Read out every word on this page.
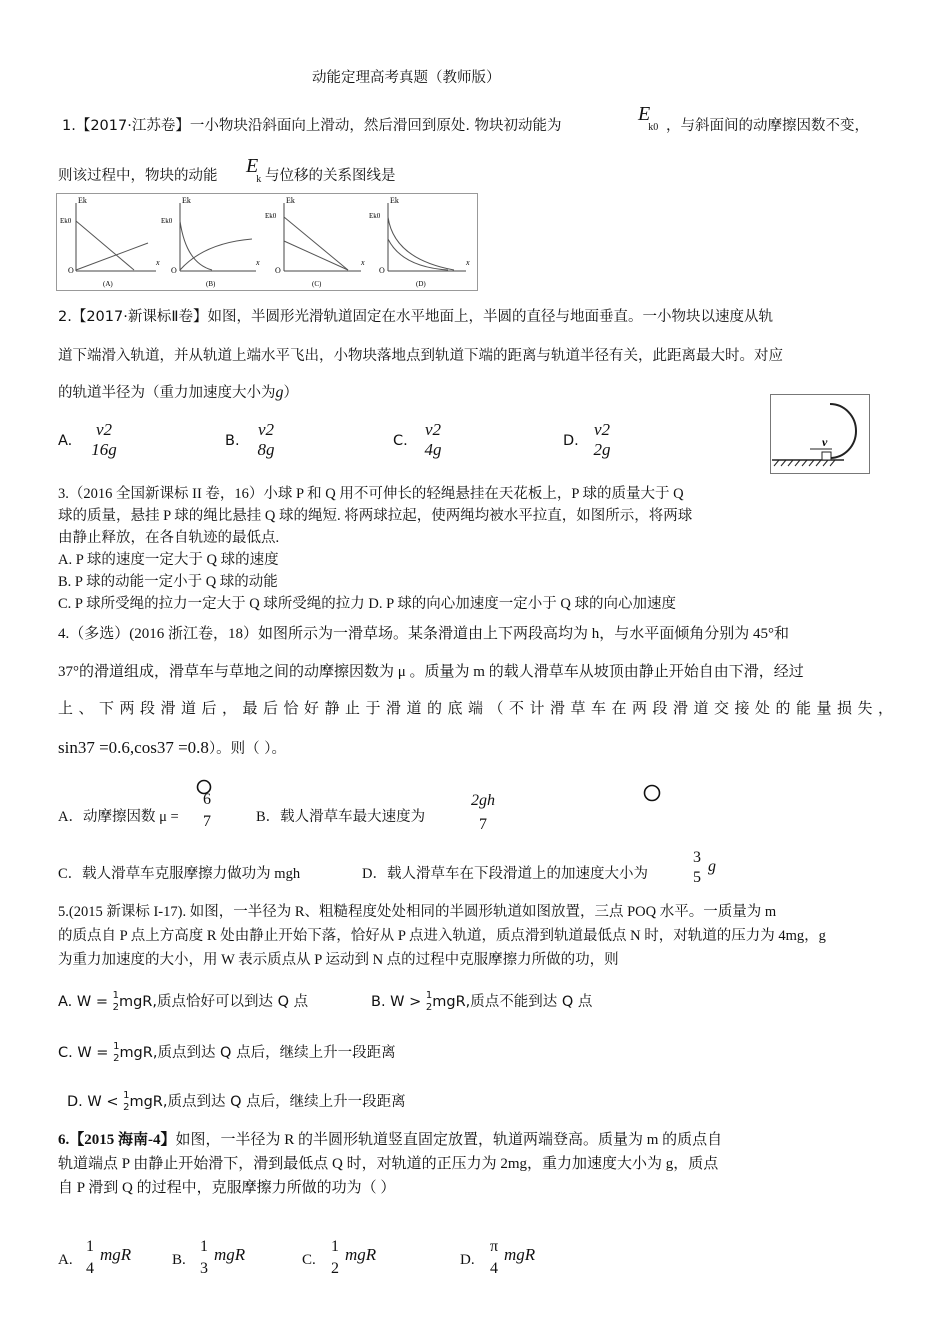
动能定理高考真题（教师版）
1.【2017·江苏卷】一小物块沿斜面向上滑动，然后滑回到原处. 物块初动能为
$E_{k0}$ ，与斜面间的动摩擦因数不变，
则该过程中，物块的动能 $E_k$ 与位移的关系图线是
Ek
Ek0
O
x
(A)
Ek
Ek0
O
x
(B)
Ek
Ek0
O
x
(C)
Ek
Ek0
O
x
(D)
2.【2017·新课标Ⅱ卷】如图，半圆形光滑轨道固定在水平地面上，半圆的直径与地面垂直。一小物块以速度从轨
道下端滑入轨道，并从轨道上端水平飞出，小物块落地点到轨道下端的距离与轨道半径有关，此距离最大时。对应
的轨道半径为（重力加速度大小为g）
A.
v2
16g	B.
v2
8g	C.
v2
4g	D.
v2
2g	v
3.（2016 全国新课标 II 卷，16）小球 P 和 Q 用不可伸长的轻绳悬挂在天花板上，P 球的质量大于 Q
球的质量，悬挂 P 球的绳比悬挂 Q 球的绳短. 将两球拉起，使两绳均被水平拉直，如图所示，将两球
由静止释放，在各自轨迹的最低点.
A. P 球的速度一定大于 Q 球的速度
B. P 球的动能一定小于 Q 球的动能
C. P 球所受绳的拉力一定大于 Q 球所受绳的拉力 D. P 球的向心加速度一定小于 Q 球的向心加速度
4.（多选）(2016 浙江卷，18）如图所示为一滑草场。某条滑道由上下两段高均为 h，与水平面倾角分别为 45°和
37°的滑道组成，滑草车与草地之间的动摩擦因数为 μ 。质量为 m 的载人滑草车从坡顶由静止开始自由下滑，经过
上、下两段滑道后，最后恰好静止于滑道的底端（不计滑草车在两段滑道交接处的能量损失，
sin37 =0.6,cos37 =0.8）。则（ ）。
A．动摩擦因数 μ =
6
7	B．载人滑草车最大速度为
2gh
7
C．载人滑草车克服摩擦力做功为 mgh	D．载人滑草车在下段滑道上的加速度大小为
3
5
g
5.(2015 新课标 I-17). 如图，一半径为 R、粗糙程度处处相同的半圆形轨道如图放置，三点 POQ 水平。一质量为 m
的质点自 P 点上方高度 R 处由静止开始下落，恰好从 P 点进入轨道，质点滑到轨道最低点 N 时，对轨道的压力为 4mg，g
为重力加速度的大小，用 W 表示质点从 P 运动到 N 点的过程中克服摩擦力所做的功，则
A. W = 1
2mgR,质点恰好可以到达 Q 点	B. W > 1
2mgR,质点不能到达 Q 点
C. W = 1
2mgR,质点到达 Q 点后，继续上升一段距离
D. W < 1
2mgR,质点到达 Q 点后，继续上升一段距离
6.【2015 海南-4】如图，一半径为 R 的半圆形轨道竖直固定放置，轨道两端登高。质量为 m 的质点自
轨道端点 P 由静止开始滑下，滑到最低点 Q 时，对轨道的正压力为 2mg，重力加速度大小为 g，质点
自 P 滑到 Q 的过程中，克服摩擦力所做的功为（ ）
A.
1
4
mgR	B.
1
3
mgR	C.
1
2
mgR	D.
π
4
mgR
